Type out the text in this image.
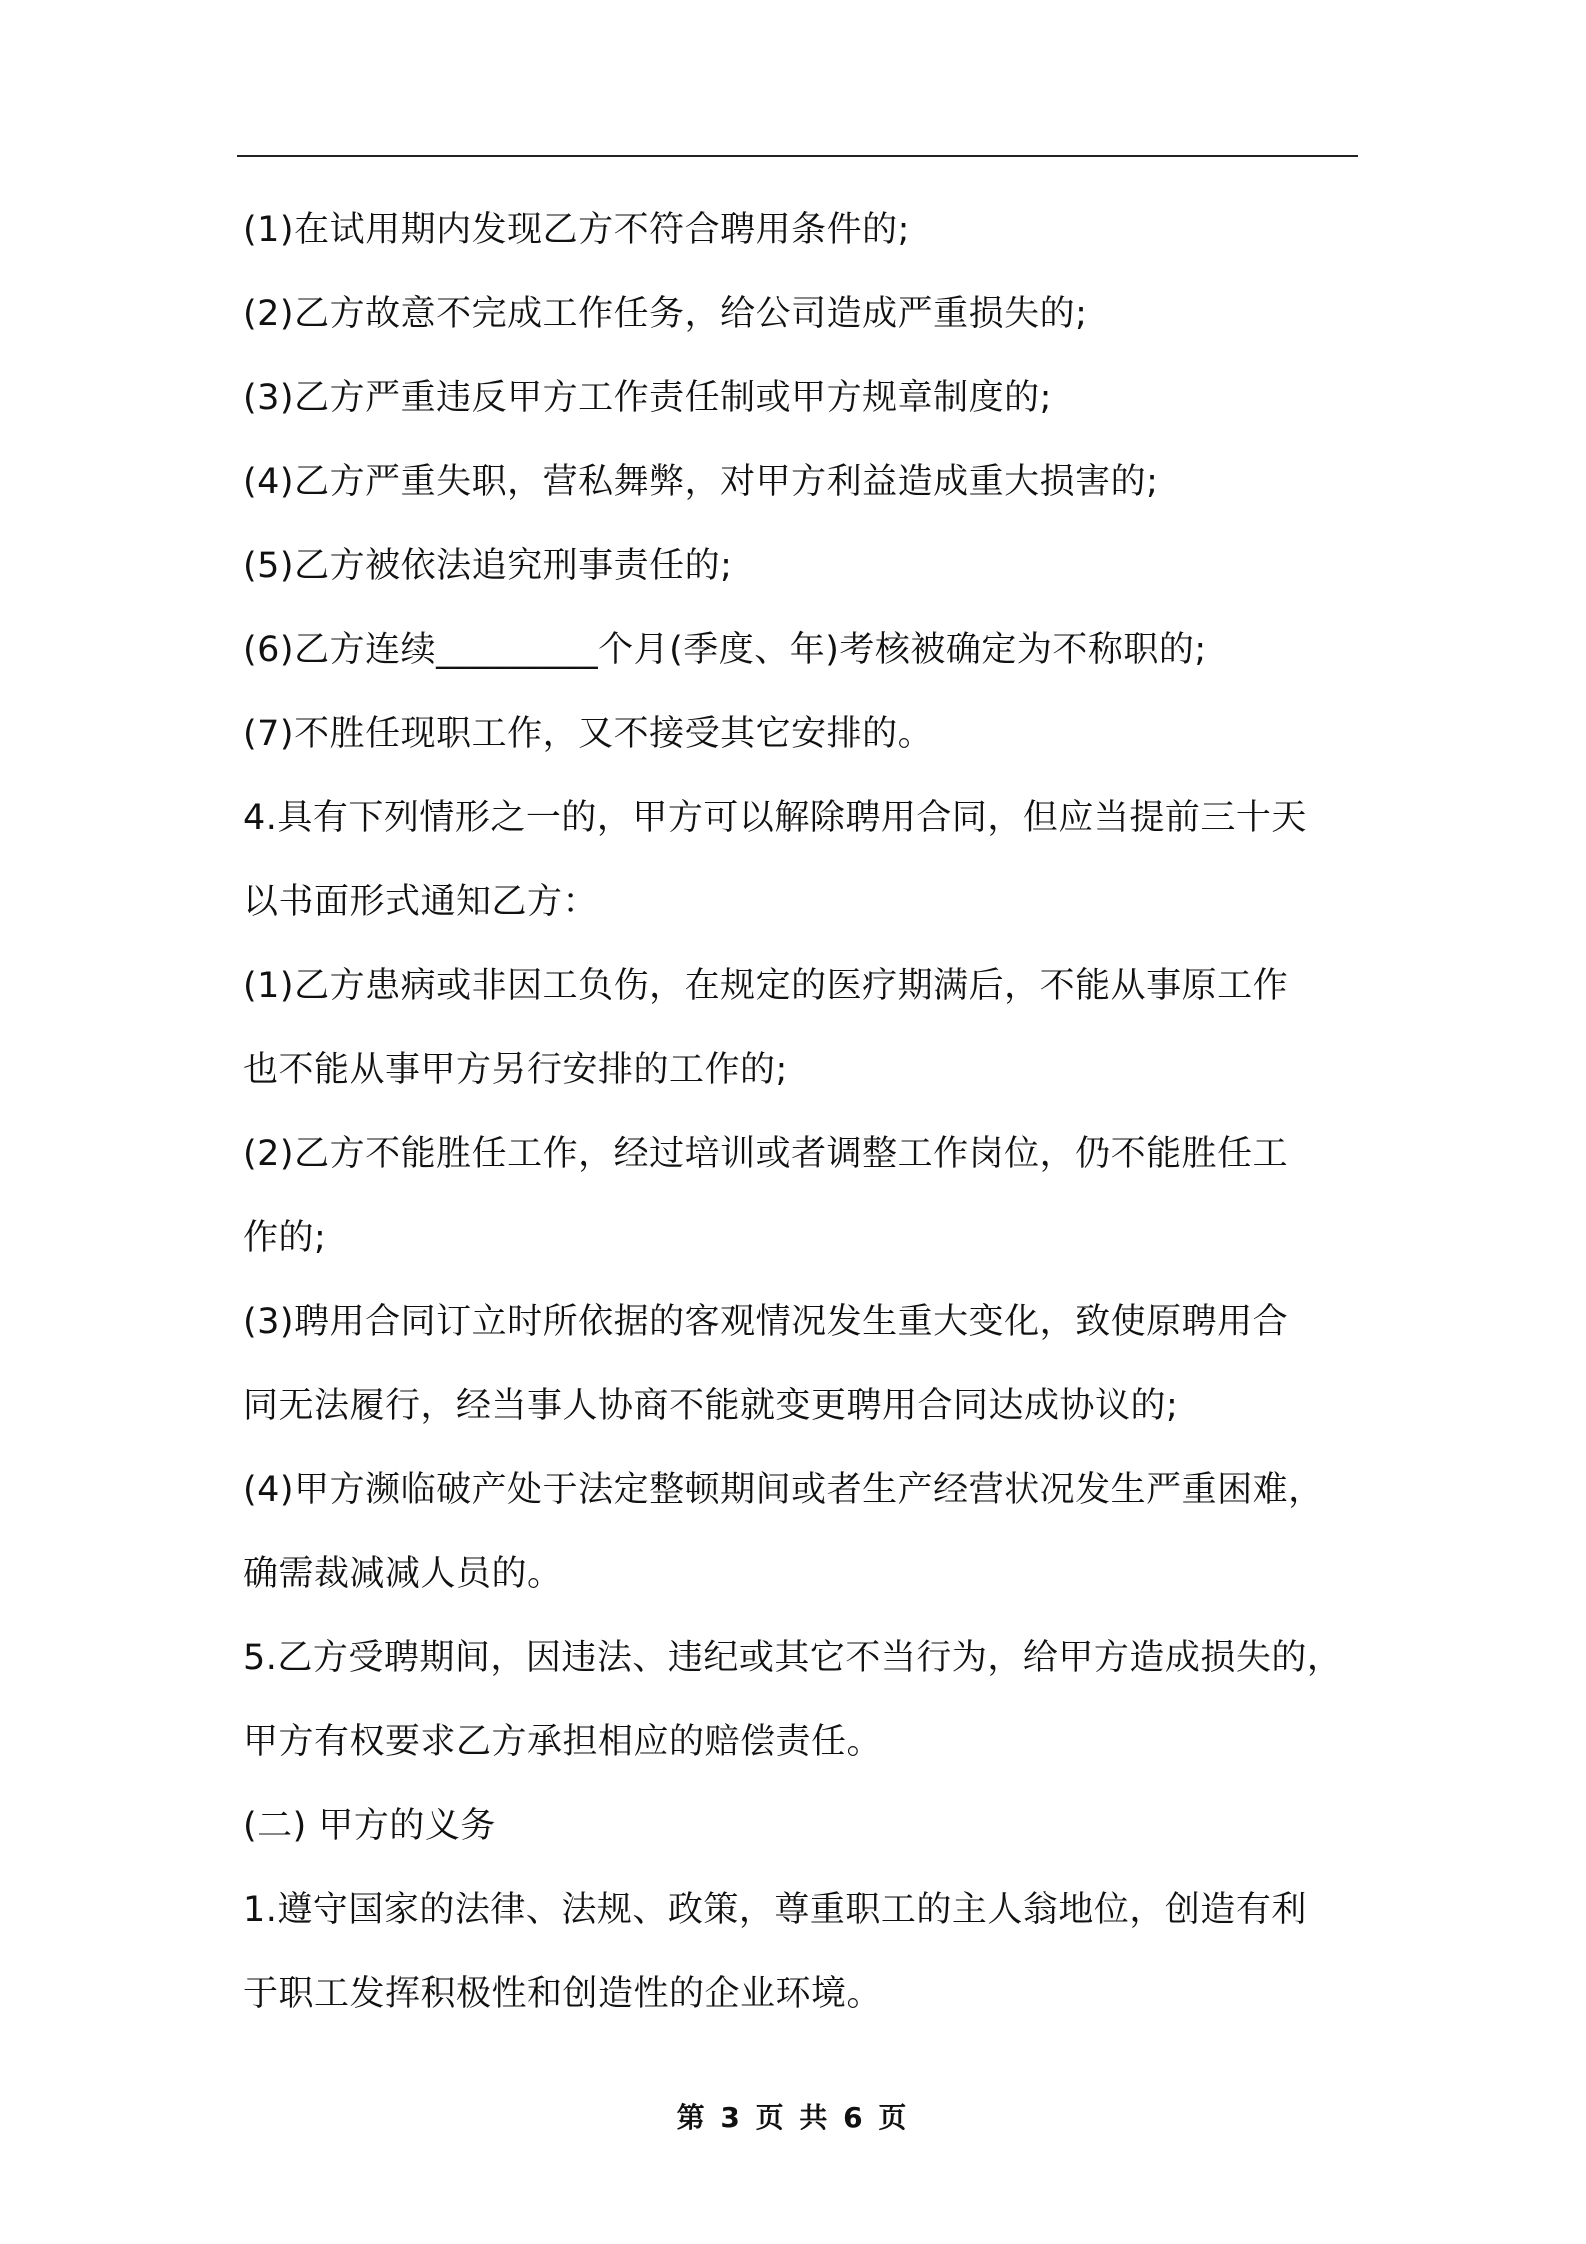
(1)在试用期内发现乙方不符合聘用条件的;
(2)乙方故意不完成工作任务，给公司造成严重损失的;
(3)乙方严重违反甲方工作责任制或甲方规章制度的;
(4)乙方严重失职，营私舞弊，对甲方利益造成重大损害的;
(5)乙方被依法追究刑事责任的;
(6)乙方连续_________个月(季度、年)考核被确定为不称职的;
(7)不胜任现职工作，又不接受其它安排的。
4.具有下列情形之一的，甲方可以解除聘用合同，但应当提前三十天
以书面形式通知乙方：
(1)乙方患病或非因工负伤，在规定的医疗期满后，不能从事原工作
也不能从事甲方另行安排的工作的;
(2)乙方不能胜任工作，经过培训或者调整工作岗位，仍不能胜任工
作的;
(3)聘用合同订立时所依据的客观情况发生重大变化，致使原聘用合
同无法履行，经当事人协商不能就变更聘用合同达成协议的;
(4)甲方濒临破产处于法定整顿期间或者生产经营状况发生严重困难，
确需裁减减人员的。
5.乙方受聘期间，因违法、违纪或其它不当行为，给甲方造成损失的，
甲方有权要求乙方承担相应的赔偿责任。
(二) 甲方的义务
1.遵守国家的法律、法规、政策，尊重职工的主人翁地位，创造有利
于职工发挥积极性和创造性的企业环境。
第 3 页 共 6 页
